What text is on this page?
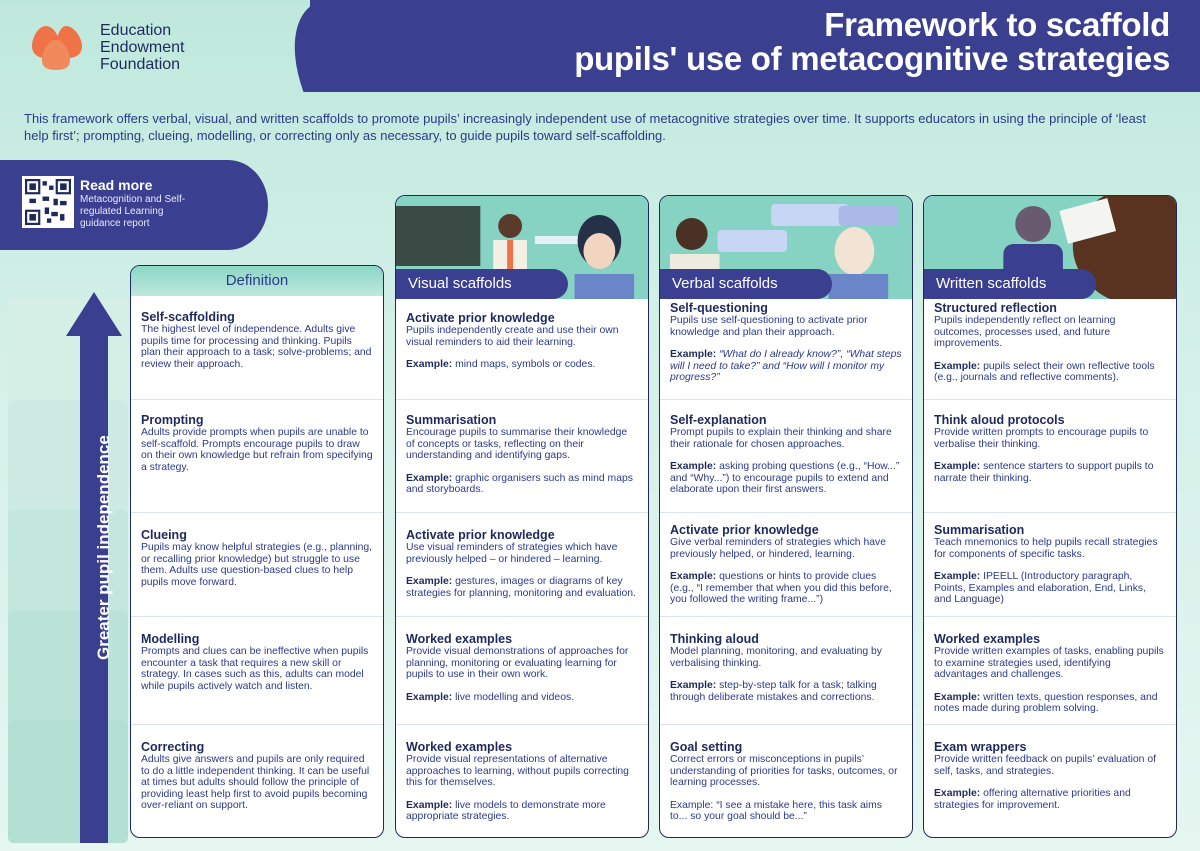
Education
Endowment
Foundation
Framework to scaffold
pupils' use of metacognitive strategies
This framework offers verbal, visual, and written scaffolds to promote pupils’ increasingly independent use of metacognitive strategies over time. It supports educators in using the principle of ‘least help first’; prompting, clueing, modelling, or correcting only as necessary, to guide pupils toward self-scaffolding.
Read more
Metacognition and Self-regulated Learning guidance report
Greater pupil independence
Definition
Self-scaffolding
The highest level of independence. Adults give pupils time for processing and thinking. Pupils plan their approach to a task; solve-problems; and review their approach.
Prompting
Adults provide prompts when pupils are unable to self-scaffold. Prompts encourage pupils to draw on their own knowledge but refrain from specifying a strategy.
Clueing
Pupils may know helpful strategies (e.g., planning, or recalling prior knowledge) but struggle to use them. Adults use question-based clues to help pupils move forward.
Modelling
Prompts and clues can be ineffective when pupils encounter a task that requires a new skill or strategy. In cases such as this, adults can model while pupils actively watch and listen.
Correcting
Adults give answers and pupils are only required to do a little independent thinking. It can be useful at times but adults should follow the principle of providing least help first to avoid pupils becoming over-reliant on support.
Visual scaffolds
Activate prior knowledge
Pupils independently create and use their own visual reminders to aid their learning.
Example: mind maps, symbols or codes.
Summarisation
Encourage pupils to summarise their knowledge of concepts or tasks, reflecting on their understanding and identifying gaps.
Example: graphic organisers such as mind maps and storyboards.
Activate prior knowledge
Use visual reminders of strategies which have previously helped – or hindered – learning.
Example: gestures, images or diagrams of key strategies for planning, monitoring and evaluation.
Worked examples
Provide visual demonstrations of approaches for planning, monitoring or evaluating learning for pupils to use in their own work.
Example: live modelling and videos.
Worked examples
Provide visual representations of alternative approaches to learning, without pupils correcting this for themselves.
Example: live models to demonstrate more appropriate strategies.
Verbal scaffolds
Self-questioning
Pupils use self-questioning to activate prior knowledge and plan their approach.
Example: “What do I already know?”, “What steps will I need to take?” and “How will I monitor my progress?”
Self-explanation
Prompt pupils to explain their thinking and share their rationale for chosen approaches.
Example: asking probing questions (e.g., “How...” and “Why...”) to encourage pupils to extend and elaborate upon their first answers.
Activate prior knowledge
Give verbal reminders of strategies which have previously helped, or hindered, learning.
Example: questions or hints to provide clues (e.g., “I remember that when you did this before, you followed the writing frame...”)
Thinking aloud
Model planning, monitoring, and evaluating by verbalising thinking.
Example: step-by-step talk for a task; talking through deliberate mistakes and corrections.
Goal setting
Correct errors or misconceptions in pupils’ understanding of priorities for tasks, outcomes, or learning processes.
Example: “I see a mistake here, this task aims to... so your goal should be...”
Written scaffolds
Structured reflection
Pupils independently reflect on learning outcomes, processes used, and future improvements.
Example: pupils select their own reflective tools (e.g., journals and reflective comments).
Think aloud protocols
Provide written prompts to encourage pupils to verbalise their thinking.
Example: sentence starters to support pupils to narrate their thinking.
Summarisation
Teach mnemonics to help pupils recall strategies for components of specific tasks.
Example: IPEELL (Introductory paragraph, Points, Examples and elaboration, End, Links, and Language)
Worked examples
Provide written examples of tasks, enabling pupils to examine strategies used, identifying advantages and challenges.
Example: written texts, question responses, and notes made during problem solving.
Exam wrappers
Provide written feedback on pupils’ evaluation of self, tasks, and strategies.
Example: offering alternative priorities and strategies for improvement.
